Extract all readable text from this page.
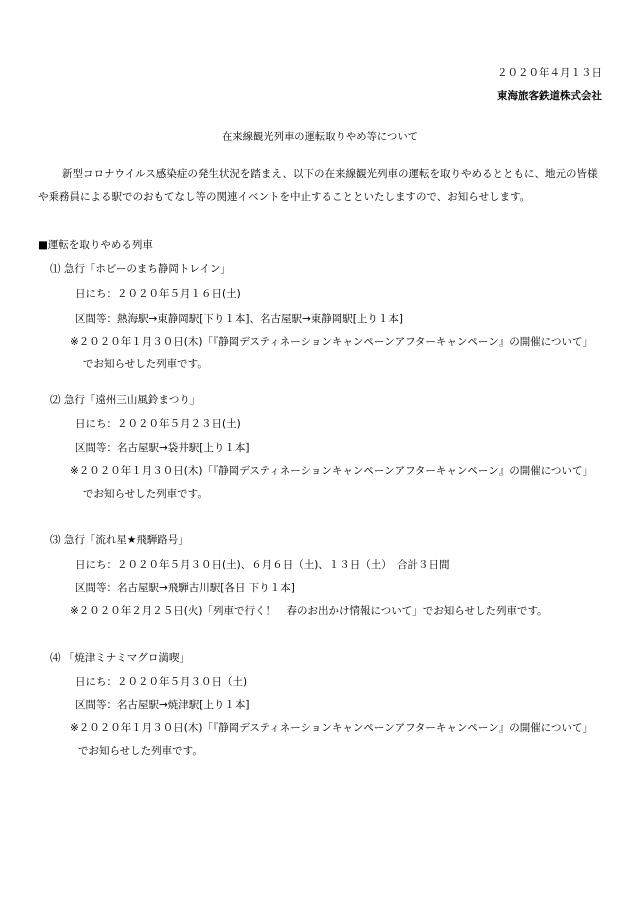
２０２０年４月１３日
東海旅客鉄道株式会社
在来線観光列車の運転取りやめ等について
新型コロナウイルス感染症の発生状況を踏まえ、以下の在来線観光列車の運転を取りやめるとともに、地元の皆様
や乗務員による駅でのおもてなし等の関連イベントを中止することといたしますので、お知らせします。
■運転を取りやめる列車
⑴ 急行「ホビーのまち静岡トレイン」
日にち：２０２０年５月１６日(土)
区間等：熱海駅→東静岡駅[下り１本]、名古屋駅→東静岡駅[上り１本]
※２０２０年１月３０日(木)「『静岡デスティネーションキャンペーンアフターキャンペーン』の開催について」
でお知らせした列車です。
⑵ 急行「遠州三山風鈴まつり」
日にち：２０２０年５月２３日(土)
区間等：名古屋駅→袋井駅[上り１本]
※２０２０年１月３０日(木)「『静岡デスティネーションキャンペーンアフターキャンペーン』の開催について」
でお知らせした列車です。
⑶ 急行「流れ星★飛騨路号」
日にち：２０２０年５月３０日(土)、６月６日（土)、１３日（土）　合計３日間
区間等：名古屋駅→飛騨古川駅[各日 下り１本]
※２０２０年２月２５日(火)「列車で行く！　春のお出かけ情報について」でお知らせした列車です。
⑷ 「焼津ミナミマグロ満喫」
日にち：２０２０年５月３０日（土)
区間等：名古屋駅→焼津駅[上り１本]
※２０２０年１月３０日(木)「『静岡デスティネーションキャンペーンアフターキャンペーン』の開催について」
でお知らせした列車です。
